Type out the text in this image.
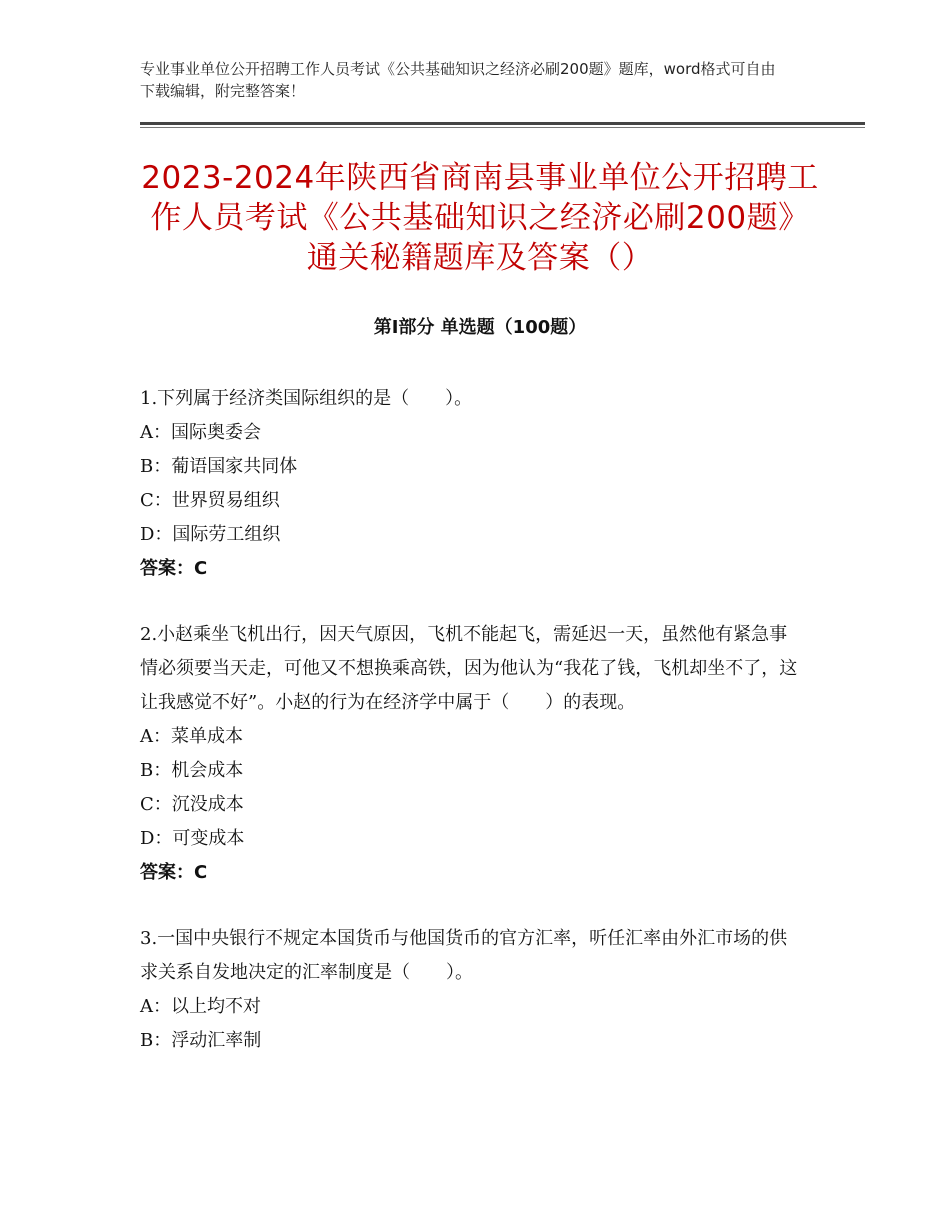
专业事业单位公开招聘工作人员考试《公共基础知识之经济必刷200题》题库，word格式可自由下载编辑，附完整答案！
2023-2024年陕西省商南县事业单位公开招聘工作人员考试《公共基础知识之经济必刷200题》通关秘籍题库及答案（）
第Ⅰ部分 单选题（100题）

1.下列属于经济类国际组织的是（　　）。

A：国际奥委会

B：葡语国家共同体

C：世界贸易组织

D：国际劳工组织

答案：C

2.小赵乘坐飞机出行，因天气原因，飞机不能起飞，需延迟一天，虽然他有紧急事情必须要当天走，可他又不想换乘高铁，因为他认为“我花了钱，飞机却坐不了，这让我感觉不好”。小赵的行为在经济学中属于（　　）的表现。

A：菜单成本

B：机会成本

C：沉没成本

D：可变成本

答案：C

3.一国中央银行不规定本国货币与他国货币的官方汇率，听任汇率由外汇市场的供求关系自发地决定的汇率制度是（　　）。

A：以上均不对

B：浮动汇率制
